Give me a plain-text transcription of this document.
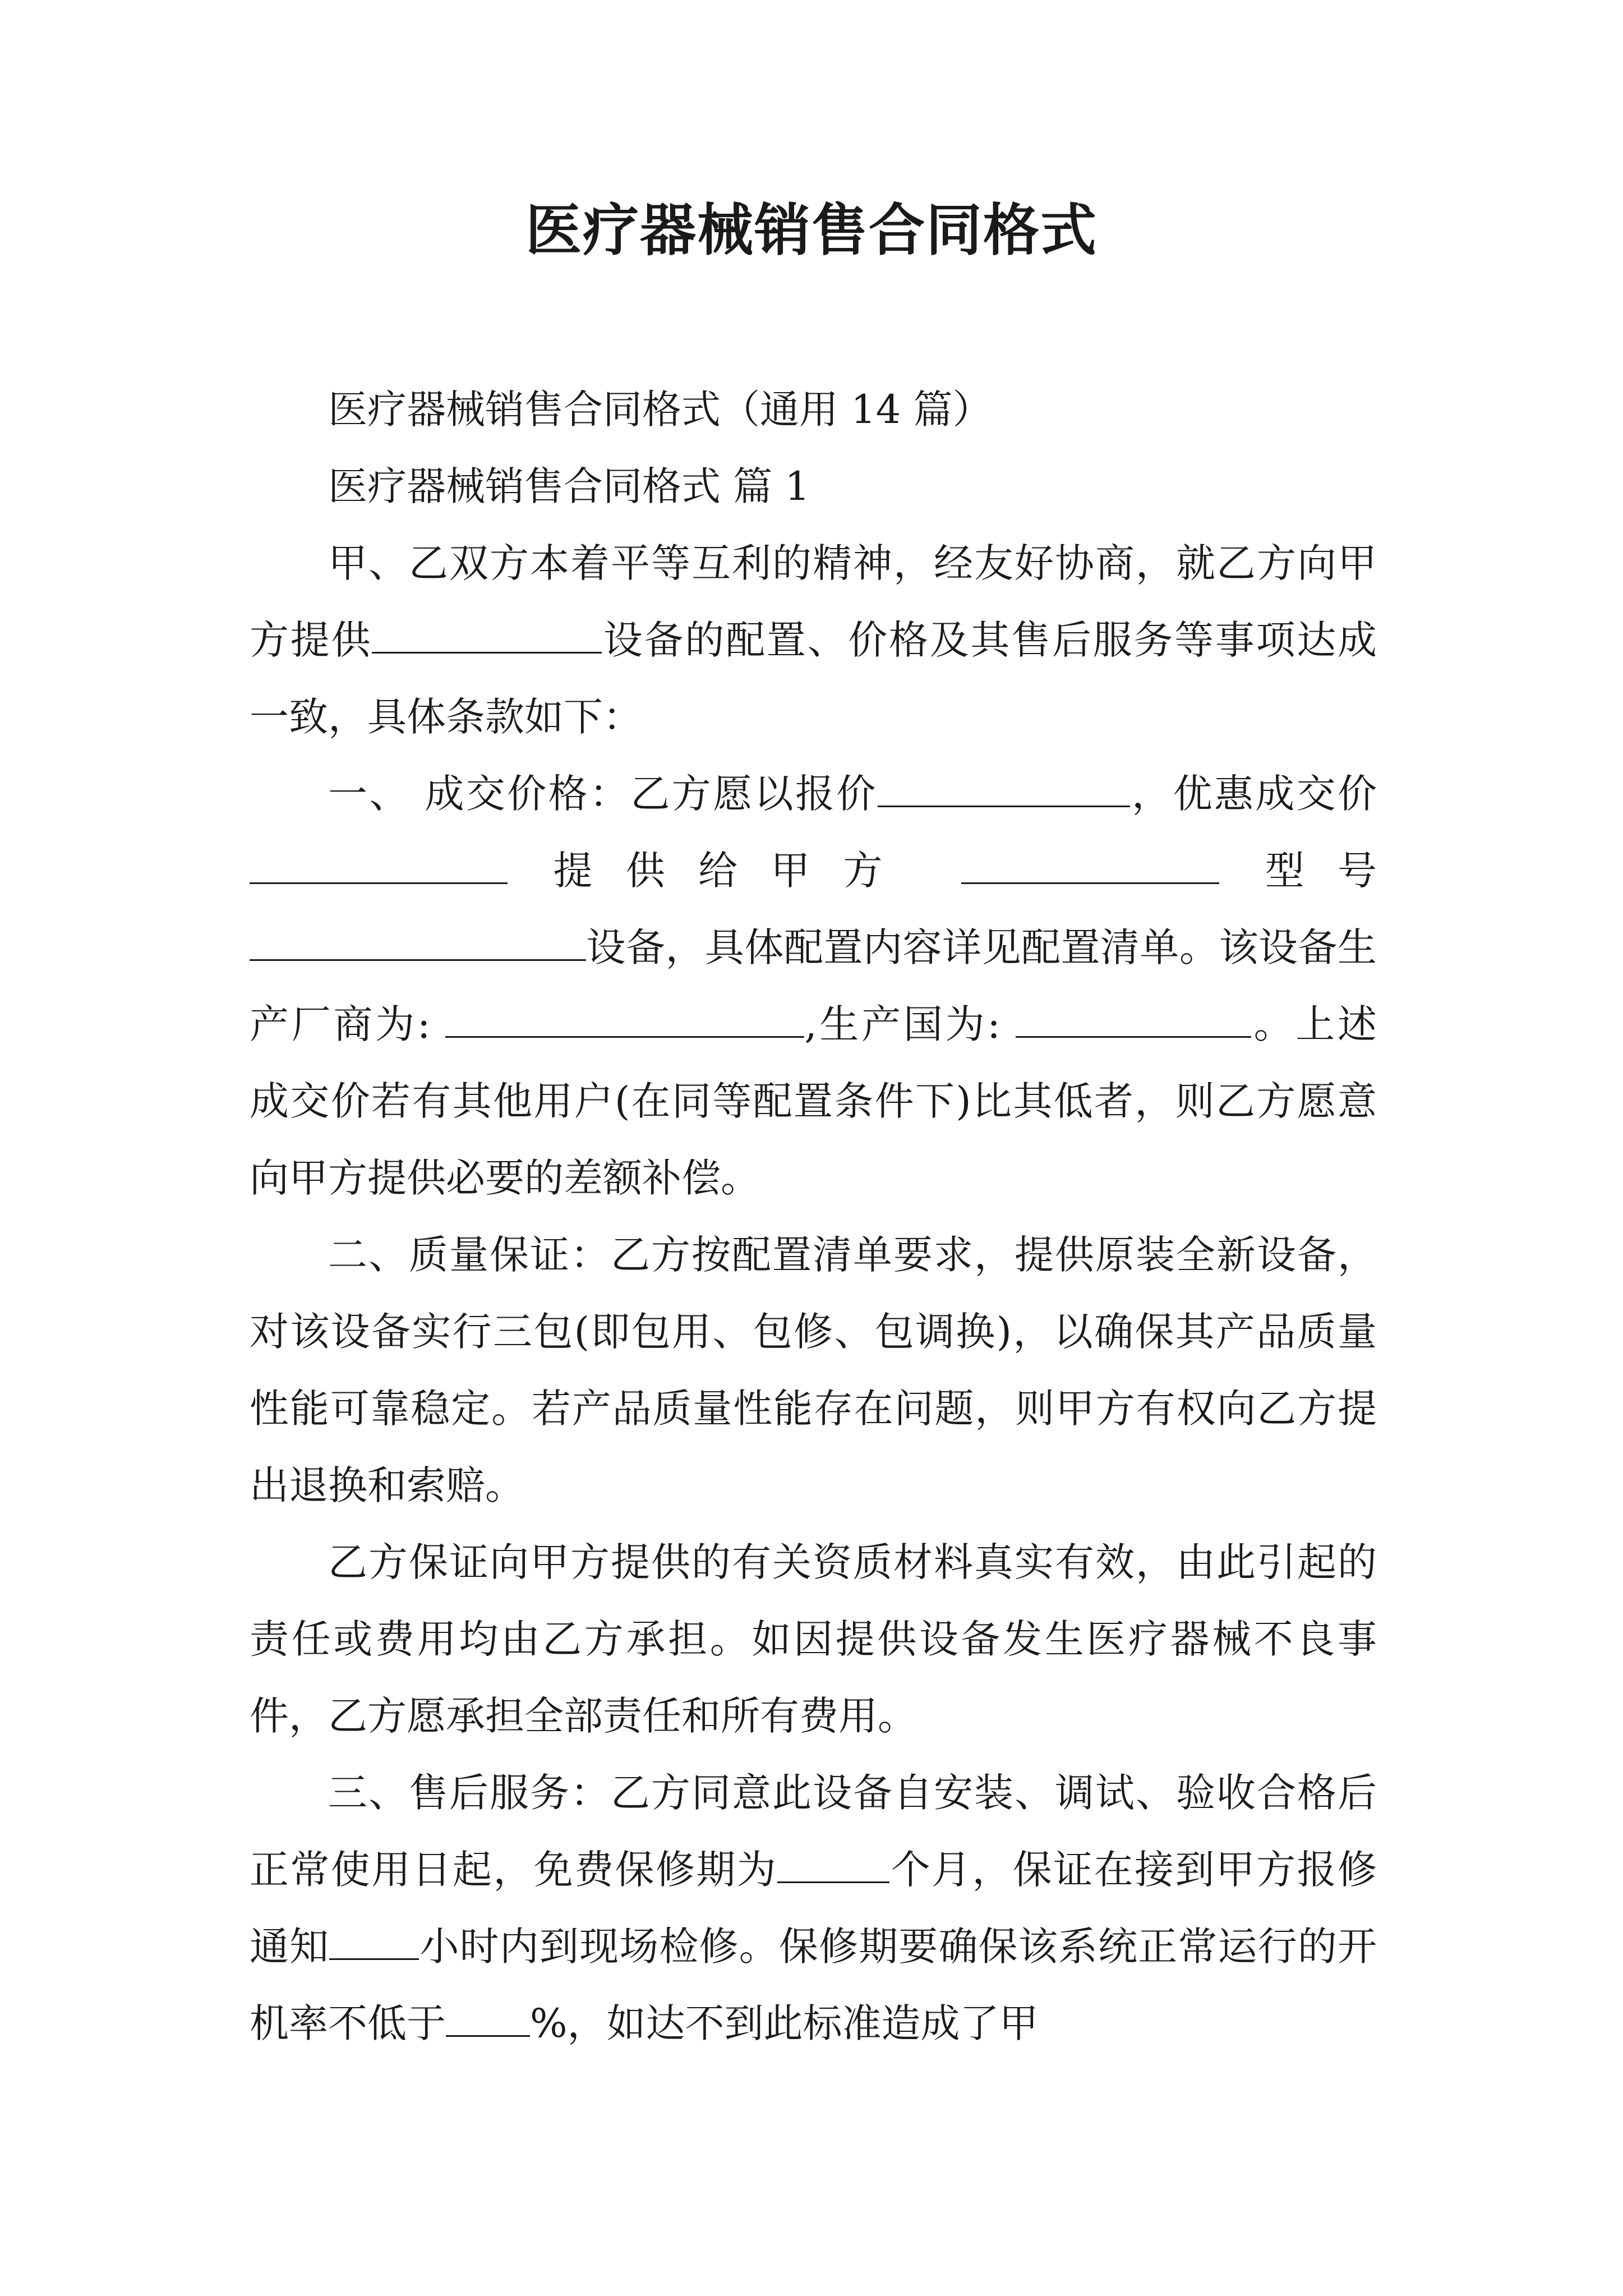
医疗器械销售合同格式

医疗器械销售合同格式（通用 14 篇）

医疗器械销售合同格式 篇 1

甲、乙双方本着平等互利的精神，经友好协商，就乙方向甲方提供	设备的配置、价格及其售后服务等事项达成一致，具体条款如下：

一、 成交价格：乙方愿以报价	，优惠成交价  提供给甲方	型号 设备，具体配置内容详见配置清单。该设备生产厂商为:	,生产国为:	。上述成交价若有其他用户(在同等配置条件下)比其低者，则乙方愿意向甲方提供必要的差额补偿。

二、质量保证：乙方按配置清单要求，提供原装全新设备，对该设备实行三包(即包用、包修、包调换)，以确保其产品质量性能可靠稳定。若产品质量性能存在问题，则甲方有权向乙方提出退换和索赔。

乙方保证向甲方提供的有关资质材料真实有效，由此引起的责任或费用均由乙方承担。如因提供设备发生医疗器械不良事件，乙方愿承担全部责任和所有费用。

三、售后服务：乙方同意此设备自安装、调试、验收合格后正常使用日起，免费保修期为	个月，保证在接到甲方报修通知 小时内到现场检修。保修期要确保该系统正常运行的开机率不低于 %，如达不到此标准造成了甲
